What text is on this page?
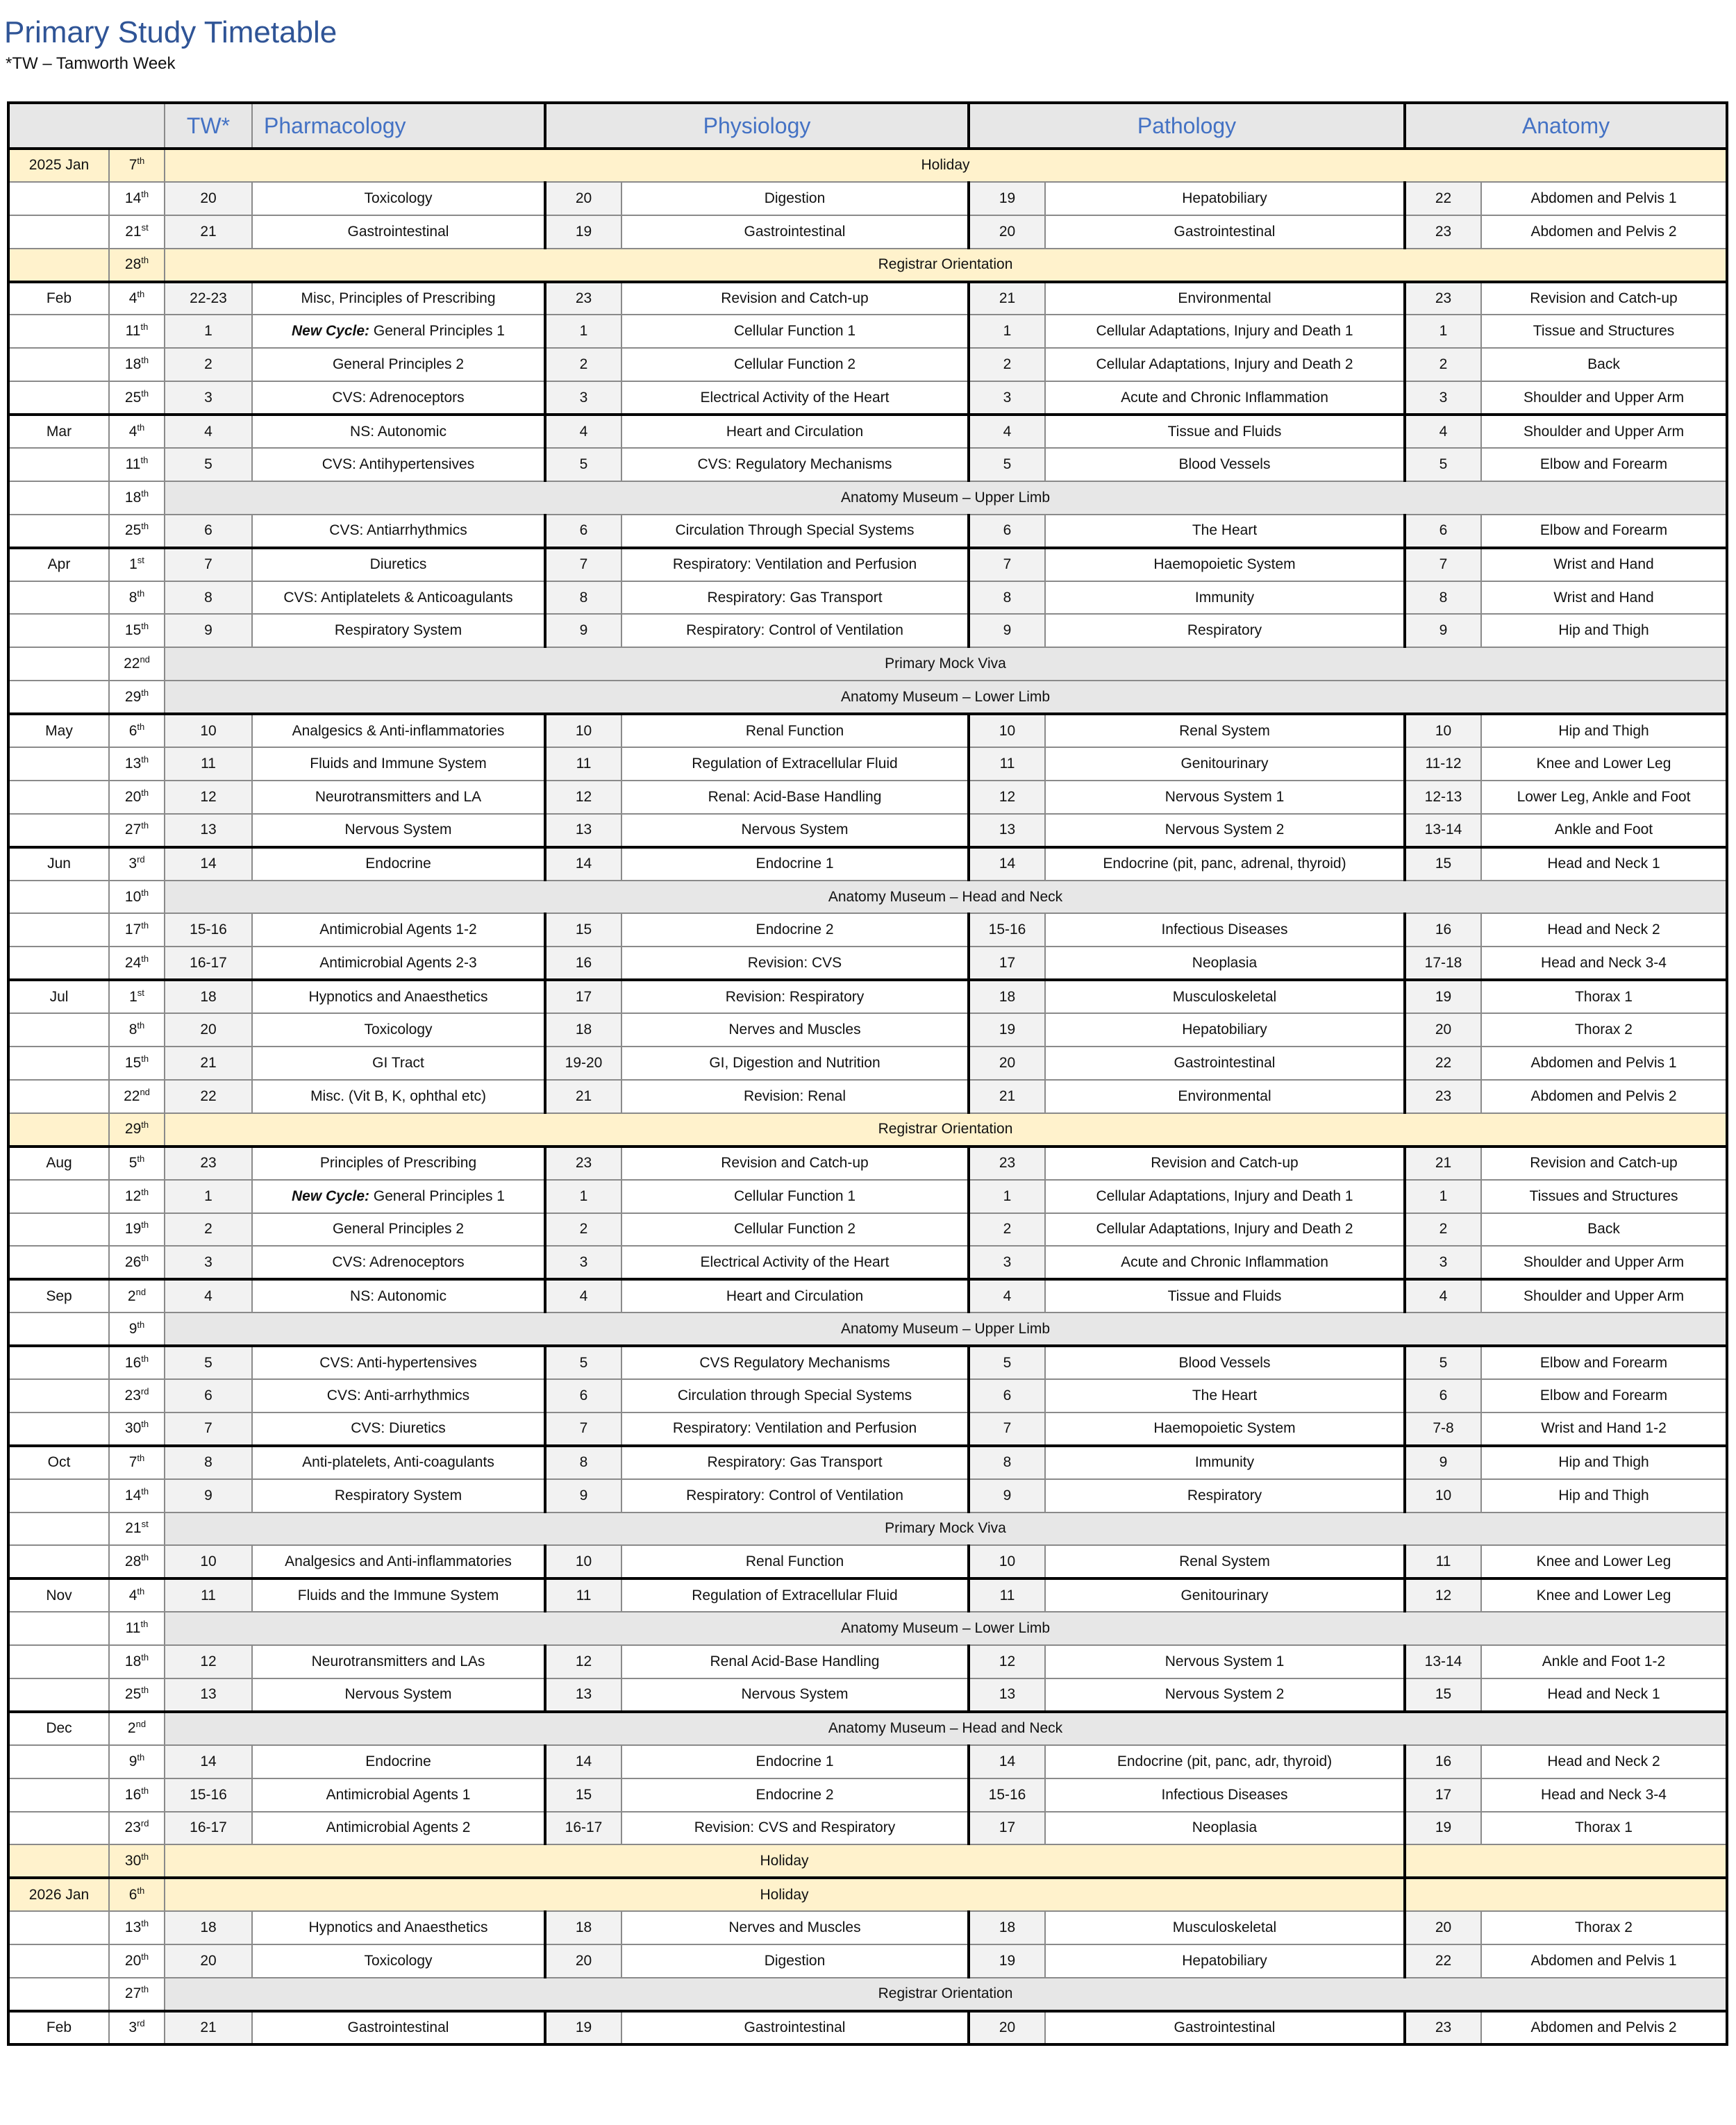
Primary Study Timetable
*TW – Tamworth Week
		TW*	Pharmacology	Physiology		Pathology		Anatomy	
2025 Jan	7th	Holiday							
	14th	20	Toxicology	20	Digestion	19	Hepatobiliary	22	Abdomen and Pelvis 1
	21st	21	Gastrointestinal	19	Gastrointestinal	20	Gastrointestinal	23	Abdomen and Pelvis 2
	28th	Registrar Orientation							
Feb	4th	22-23	Misc, Principles of Prescribing	23	Revision and Catch-up	21	Environmental	23	Revision and Catch-up
	11th	1	New Cycle: General Principles 1	1	Cellular Function 1	1	Cellular Adaptations, Injury and Death 1	1	Tissue and Structures
	18th	2	General Principles 2	2	Cellular Function 2	2	Cellular Adaptations, Injury and Death 2	2	Back
	25th	3	CVS: Adrenoceptors	3	Electrical Activity of the Heart	3	Acute and Chronic Inflammation	3	Shoulder and Upper Arm
Mar	4th	4	NS: Autonomic	4	Heart and Circulation	4	Tissue and Fluids	4	Shoulder and Upper Arm
	11th	5	CVS: Antihypertensives	5	CVS: Regulatory Mechanisms	5	Blood Vessels	5	Elbow and Forearm
	18th	Anatomy Museum – Upper Limb							
	25th	6	CVS: Antiarrhythmics	6	Circulation Through Special Systems	6	The Heart	6	Elbow and Forearm
Apr	1st	7	Diuretics	7	Respiratory: Ventilation and Perfusion	7	Haemopoietic System	7	Wrist and Hand
	8th	8	CVS: Antiplatelets & Anticoagulants	8	Respiratory: Gas Transport	8	Immunity	8	Wrist and Hand
	15th	9	Respiratory System	9	Respiratory: Control of Ventilation	9	Respiratory	9	Hip and Thigh
	22nd	Primary Mock Viva							
	29th	Anatomy Museum – Lower Limb							
May	6th	10	Analgesics & Anti-inflammatories	10	Renal Function	10	Renal System	10	Hip and Thigh
	13th	11	Fluids and Immune System	11	Regulation of Extracellular Fluid	11	Genitourinary	11-12	Knee and Lower Leg
	20th	12	Neurotransmitters and LA	12	Renal: Acid-Base Handling	12	Nervous System 1	12-13	Lower Leg, Ankle and Foot
	27th	13	Nervous System	13	Nervous System	13	Nervous System 2	13-14	Ankle and Foot
Jun	3rd	14	Endocrine	14	Endocrine 1	14	Endocrine (pit, panc, adrenal, thyroid)	15	Head and Neck 1
	10th	Anatomy Museum – Head and Neck							
	17th	15-16	Antimicrobial Agents 1-2	15	Endocrine 2	15-16	Infectious Diseases	16	Head and Neck 2
	24th	16-17	Antimicrobial Agents 2-3	16	Revision: CVS	17	Neoplasia	17-18	Head and Neck 3-4
Jul	1st	18	Hypnotics and Anaesthetics	17	Revision: Respiratory	18	Musculoskeletal	19	Thorax 1
	8th	20	Toxicology	18	Nerves and Muscles	19	Hepatobiliary	20	Thorax 2
	15th	21	GI Tract	19-20	GI, Digestion and Nutrition	20	Gastrointestinal	22	Abdomen and Pelvis 1
	22nd	22	Misc. (Vit B, K, ophthal etc)	21	Revision: Renal	21	Environmental	23	Abdomen and Pelvis 2
	29th	Registrar Orientation							
Aug	5th	23	Principles of Prescribing	23	Revision and Catch-up	23	Revision and Catch-up	21	Revision and Catch-up
	12th	1	New Cycle: General Principles 1	1	Cellular Function 1	1	Cellular Adaptations, Injury and Death 1	1	Tissues and Structures
	19th	2	General Principles 2	2	Cellular Function 2	2	Cellular Adaptations, Injury and Death 2	2	Back
	26th	3	CVS: Adrenoceptors	3	Electrical Activity of the Heart	3	Acute and Chronic Inflammation	3	Shoulder and Upper Arm
Sep	2nd	4	NS: Autonomic	4	Heart and Circulation	4	Tissue and Fluids	4	Shoulder and Upper Arm
	9th	Anatomy Museum – Upper Limb							
	16th	5	CVS: Anti-hypertensives	5	CVS Regulatory Mechanisms	5	Blood Vessels	5	Elbow and Forearm
	23rd	6	CVS: Anti-arrhythmics	6	Circulation through Special Systems	6	The Heart	6	Elbow and Forearm
	30th	7	CVS: Diuretics	7	Respiratory: Ventilation and Perfusion	7	Haemopoietic System	7-8	Wrist and Hand 1-2
Oct	7th	8	Anti-platelets, Anti-coagulants	8	Respiratory: Gas Transport	8	Immunity	9	Hip and Thigh
	14th	9	Respiratory System	9	Respiratory: Control of Ventilation	9	Respiratory	10	Hip and Thigh
	21st	Primary Mock Viva							
	28th	10	Analgesics and Anti-inflammatories	10	Renal Function	10	Renal System	11	Knee and Lower Leg
Nov	4th	11	Fluids and the Immune System	11	Regulation of Extracellular Fluid	11	Genitourinary	12	Knee and Lower Leg
	11th	Anatomy Museum – Lower Limb							
	18th	12	Neurotransmitters and LAs	12	Renal Acid-Base Handling	12	Nervous System 1	13-14	Ankle and Foot 1-2
	25th	13	Nervous System	13	Nervous System	13	Nervous System 2	15	Head and Neck 1
Dec	2nd	Anatomy Museum – Head and Neck							
	9th	14	Endocrine	14	Endocrine 1	14	Endocrine (pit, panc, adr, thyroid)	16	Head and Neck 2
	16th	15-16	Antimicrobial Agents 1	15	Endocrine 2	15-16	Infectious Diseases	17	Head and Neck 3-4
	23rd	16-17	Antimicrobial Agents 2	16-17	Revision: CVS and Respiratory	17	Neoplasia	19	Thorax 1
	30th	Holiday							
2026 Jan	6th	Holiday							
	13th	18	Hypnotics and Anaesthetics	18	Nerves and Muscles	18	Musculoskeletal	20	Thorax 2
	20th	20	Toxicology	20	Digestion	19	Hepatobiliary	22	Abdomen and Pelvis 1
	27th	Registrar Orientation							
Feb	3rd	21	Gastrointestinal	19	Gastrointestinal	20	Gastrointestinal	23	Abdomen and Pelvis 2
